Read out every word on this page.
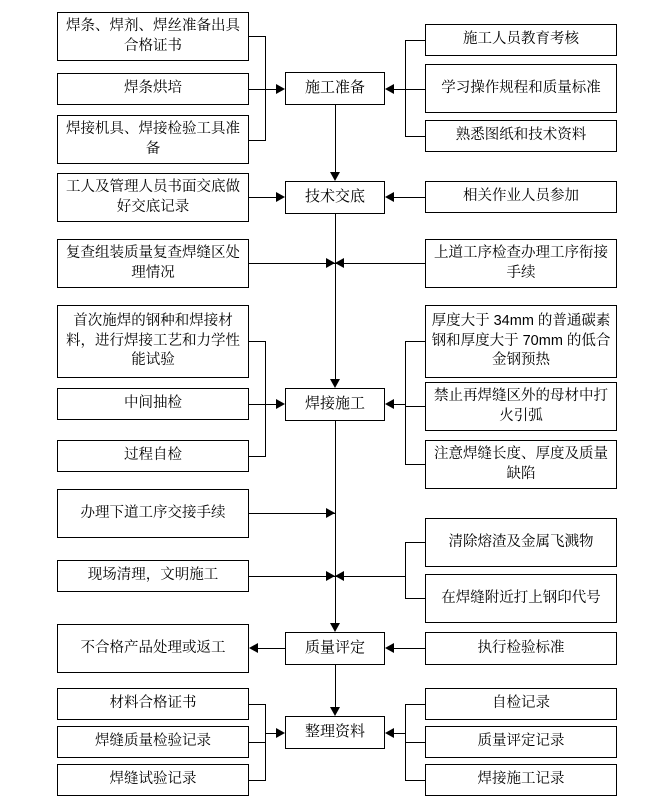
焊条、焊剂、焊丝准备出具合格证书
焊条烘培
焊接机具、焊接检验工具准备
工人及管理人员书面交底做好交底记录
复查组装质量复查焊缝区处理情况
首次施焊的钢种和焊接材料，进行焊接工艺和力学性能试验
中间抽检
过程自检
办理下道工序交接手续
现场清理，文明施工
不合格产品处理或返工
材料合格证书
焊缝质量检验记录
焊缝试验记录
施工准备
技术交底
焊接施工
质量评定
整理资料
施工人员教育考核
学习操作规程和质量标准
熟悉图纸和技术资料
相关作业人员参加
上道工序检查办理工序衔接手续
厚度大于 34mm 的普通碳素钢和厚度大于 70mm 的低合金钢预热
禁止再焊缝区外的母材中打火引弧
注意焊缝长度、厚度及质量缺陷
清除熔渣及金属飞溅物
在焊缝附近打上钢印代号
执行检验标准
自检记录
质量评定记录
焊接施工记录
